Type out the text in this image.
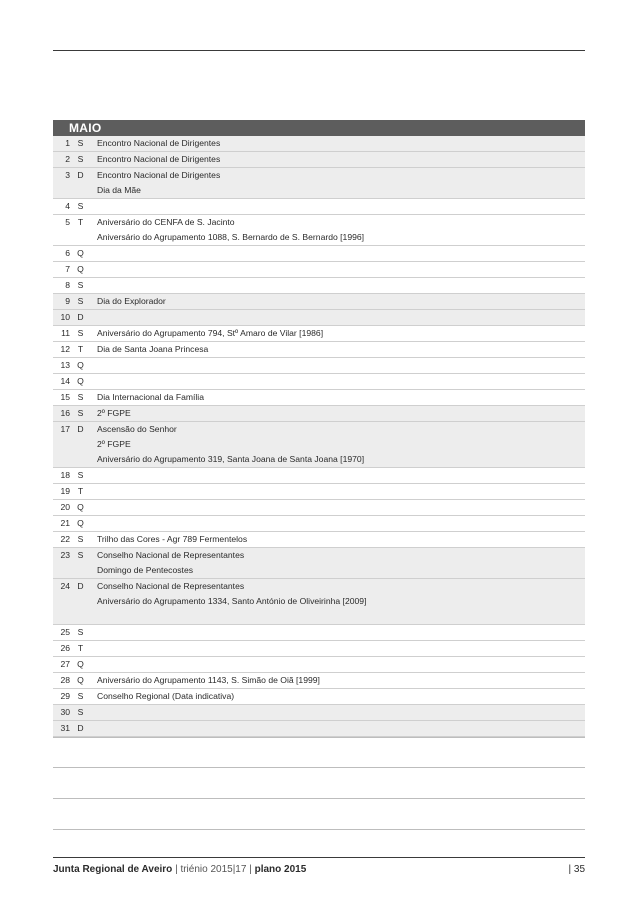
MAIO
1 S	Encontro Nacional de Dirigentes
2 S	Encontro Nacional de Dirigentes
3 D	Encontro Nacional de Dirigentes
Dia da Mãe
4 S
5 T	Aniversário do CENFA de S. Jacinto
Aniversário do Agrupamento 1088, S. Bernardo de S. Bernardo [1996]
6 Q
7 Q
8 S
9 S	Dia do Explorador
10 D
11 S	Aniversário do Agrupamento 794, Stº Amaro de Vilar [1986]
12 T	Dia de Santa Joana Princesa
13 Q
14 Q
15 S	Dia Internacional da Família
16 S	2º FGPE
17 D	Ascensão do Senhor
2º FGPE
Aniversário do Agrupamento 319, Santa Joana de Santa Joana [1970]
18 S
19 T
20 Q
21 Q
22 S	Trilho das Cores - Agr 789 Fermentelos
23 S	Conselho Nacional de Representantes
Domingo de Pentecostes
24 D	Conselho Nacional de Representantes
Aniversário do Agrupamento 1334, Santo António de Oliveirinha [2009]
25 S
26 T
27 Q
28 Q	Aniversário do Agrupamento 1143, S. Simão de Oiã [1999]
29 S	Conselho Regional (Data indicativa)
30 S
31 D
Junta Regional de Aveiro | triénio 2015|17 | plano 2015	| 35
